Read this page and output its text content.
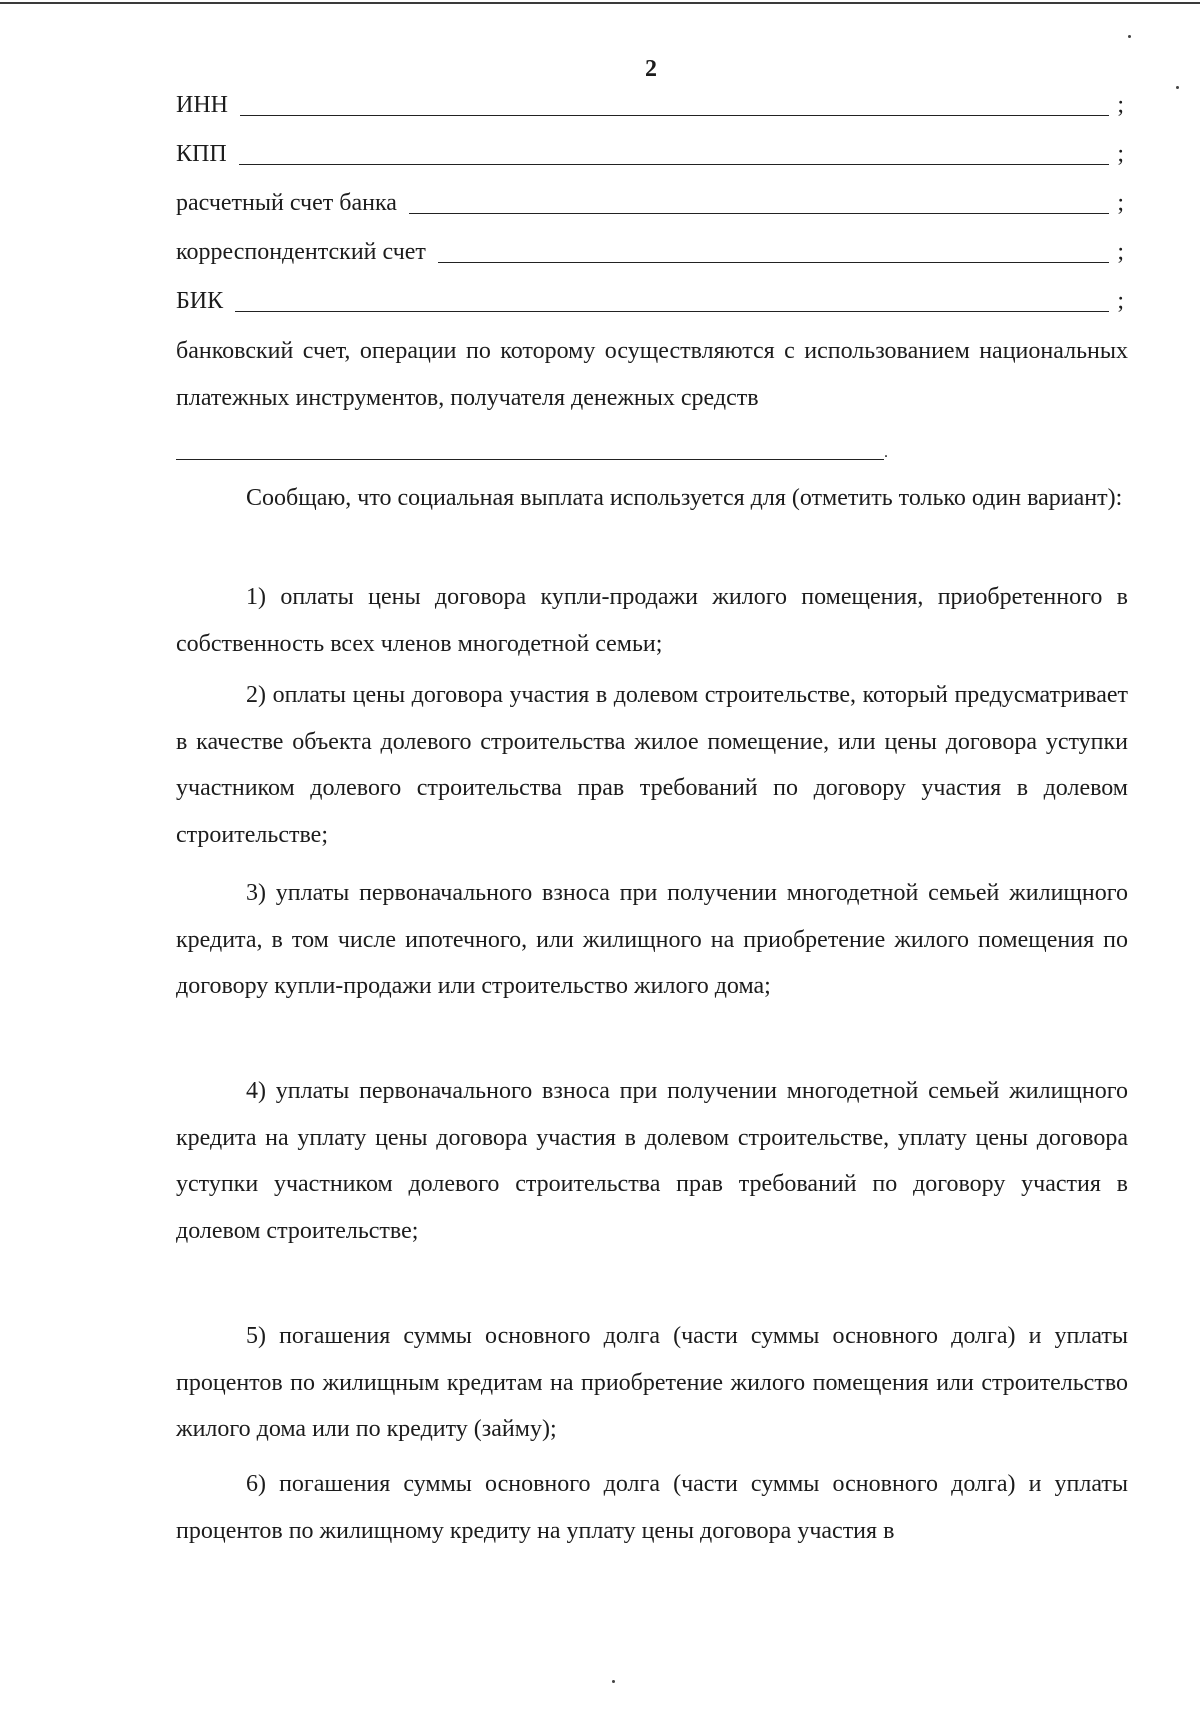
2
ИНН	;
КПП	;
расчетный счет банка	;
корреспондентский счет	;
БИК	;

банковский счет, операции по которому осуществляются с использованием национальных платежных инструментов, получателя денежных средств

.

Сообщаю, что социальная выплата используется для (отметить только один вариант):

1) оплаты цены договора купли-продажи жилого помещения, приобретенного в собственность всех членов многодетной семьи;

2) оплаты цены договора участия в долевом строительстве, который предусматривает в качестве объекта долевого строительства жилое помещение, или цены договора уступки участником долевого строительства прав требований по договору участия в долевом строительстве;

3) уплаты первоначального взноса при получении многодетной семьей жилищного кредита, в том числе ипотечного, или жилищного на приобретение жилого помещения по договору купли-продажи или строительство жилого дома;

4) уплаты первоначального взноса при получении многодетной семьей жилищного кредита на уплату цены договора участия в долевом строительстве, уплату цены договора уступки участником долевого строительства прав требований по договору участия в долевом строительстве;

5) погашения суммы основного долга (части суммы основного долга) и уплаты процентов по жилищным кредитам на приобретение жилого помещения или строительство жилого дома или по кредиту (займу);

6) погашения суммы основного долга (части суммы основного долга) и уплаты процентов по жилищному кредиту на уплату цены договора участия в
